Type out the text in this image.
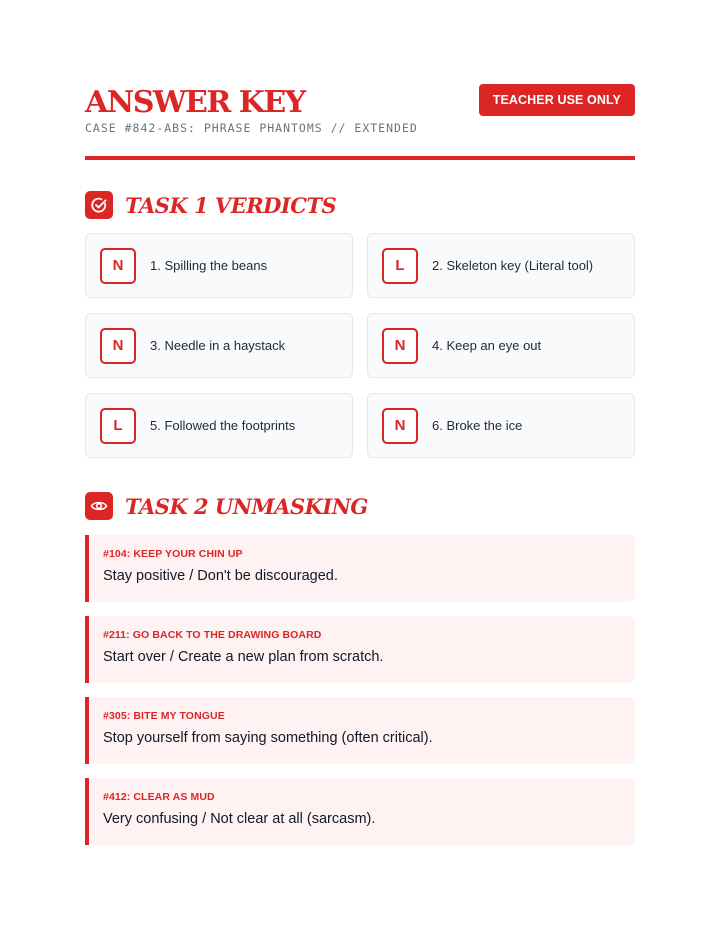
ANSWER KEY
CASE #842-ABS: PHRASE PHANTOMS // EXTENDED
TEACHER USE ONLY
TASK 1 VERDICTS
N	1. Spilling the beans	L	2. Skeleton key (Literal tool)
N	3. Needle in a haystack	N	4. Keep an eye out
L	5. Followed the footprints	N	6. Broke the ice
TASK 2 UNMASKING
#104: KEEP YOUR CHIN UP
Stay positive / Don't be discouraged.
#211: GO BACK TO THE DRAWING BOARD
Start over / Create a new plan from scratch.
#305: BITE MY TONGUE
Stop yourself from saying something (often critical).
#412: CLEAR AS MUD
Very confusing / Not clear at all (sarcasm).
